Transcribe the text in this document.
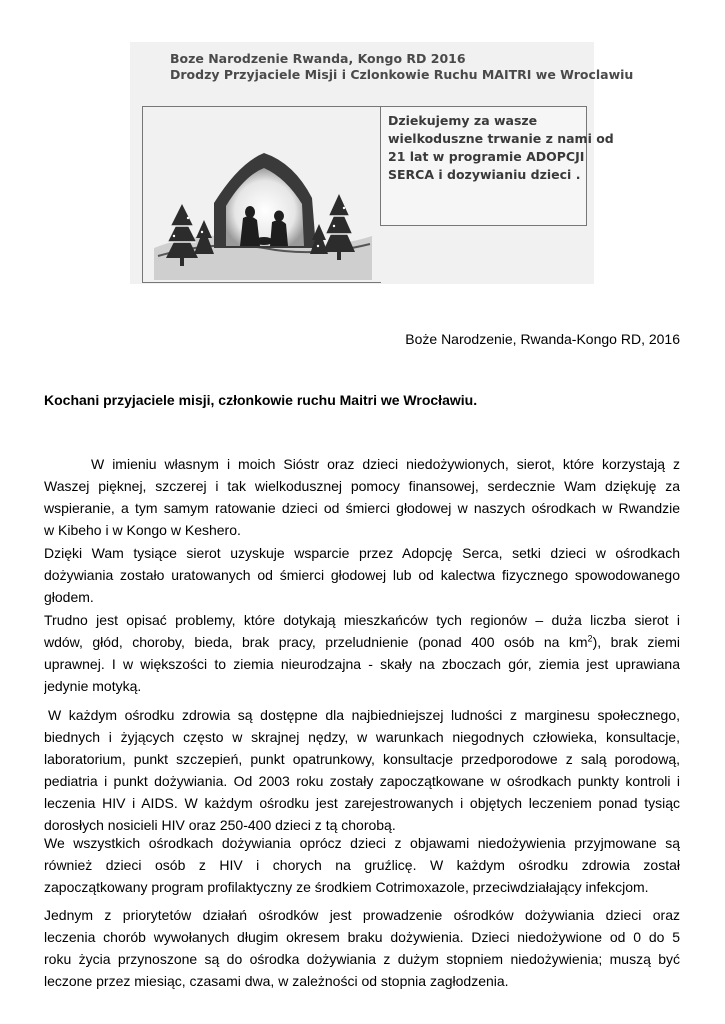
Boze Narodzenie Rwanda, Kongo RD 2016
Drodzy Przyjaciele Misji i Czlonkowie Ruchu MAITRI we Wroclawiu
Dziekujemy za wasze
wielkoduszne trwanie z nami od
21 lat w programie ADOPCJI
SERCA i dozywianiu dzieci .
Boże Narodzenie, Rwanda-Kongo RD, 2016
Kochani przyjaciele misji, członkowie ruchu Maitri we Wrocławiu.
W imieniu własnym i moich Sióstr oraz dzieci niedożywionych, sierot, które korzystają z
Waszej pięknej, szczerej i tak wielkodusznej pomocy finansowej, serdecznie Wam dziękuję za
wspieranie, a tym samym ratowanie dzieci od śmierci głodowej w naszych ośrodkach w Rwandzie
w Kibeho i w Kongo w Keshero.
Dzięki Wam tysiące sierot uzyskuje wsparcie przez Adopcję Serca, setki dzieci w ośrodkach
dożywiania zostało uratowanych od śmierci głodowej lub od kalectwa fizycznego spowodowanego
głodem.
Trudno jest opisać problemy, które dotykają mieszkańców tych regionów – duża liczba sierot i
wdów, głód, choroby, bieda, brak pracy, przeludnienie (ponad 400 osób na $km^2$), brak ziemi
uprawnej. I w większości to ziemia nieurodzajna - skały na zboczach gór, ziemia jest uprawiana
jedynie motyką.
W każdym ośrodku zdrowia są dostępne dla najbiedniejszej ludności z marginesu społecznego,
biednych i żyjących często w skrajnej nędzy, w warunkach niegodnych człowieka, konsultacje,
laboratorium, punkt szczepień, punkt opatrunkowy, konsultacje przedporodowe z salą porodową,
pediatria i punkt dożywiania. Od 2003 roku zostały zapoczątkowane w ośrodkach punkty kontroli i
leczenia HIV i AIDS. W każdym ośrodku jest zarejestrowanych i objętych leczeniem ponad tysiąc
dorosłych nosicieli HIV oraz 250-400 dzieci z tą chorobą.
We wszystkich ośrodkach dożywiania oprócz dzieci z objawami niedożywienia przyjmowane są
również dzieci osób z HIV i chorych na gruźlicę. W każdym ośrodku zdrowia został
zapoczątkowany program profilaktyczny ze środkiem Cotrimoxazole, przeciwdziałający infekcjom.
Jednym z priorytetów działań ośrodków jest prowadzenie ośrodków dożywiania dzieci oraz
leczenia chorób wywołanych długim okresem braku dożywienia. Dzieci niedożywione od 0 do 5
roku życia przynoszone są do ośrodka dożywiania z dużym stopniem niedożywienia; muszą być
leczone przez miesiąc, czasami dwa, w zależności od stopnia zagłodzenia.
